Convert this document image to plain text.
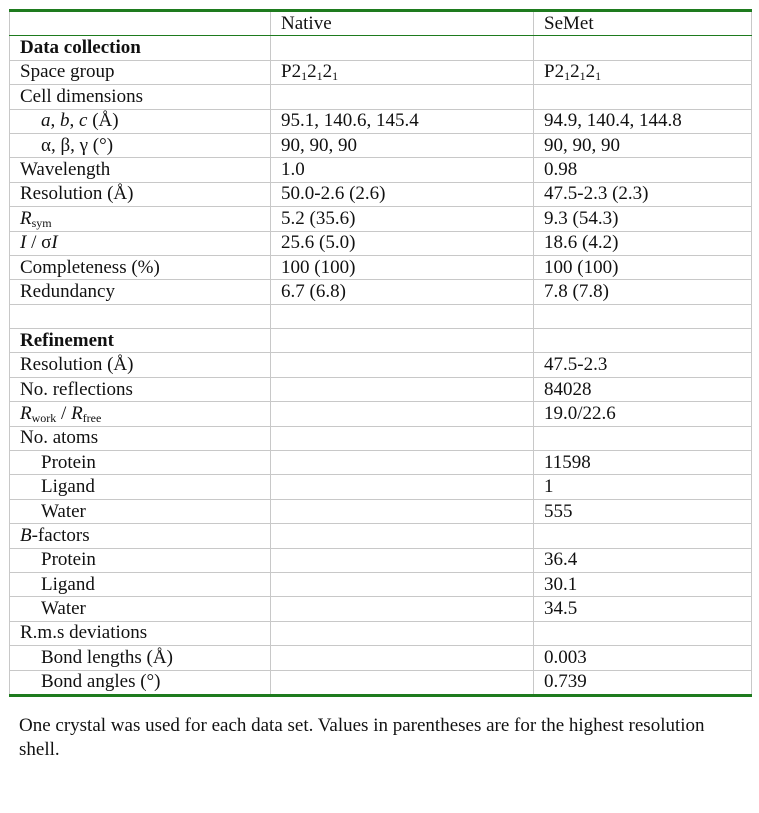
	Native	SeMet
Data collection		
Space group	$P2_12_12_1$	$P2_12_12_1$
Cell dimensions		
a, b, c (Å)	95.1, 140.6, 145.4	94.9, 140.4, 144.8
α, β, γ (°)	90, 90, 90	90, 90, 90
Wavelength	1.0	0.98
Resolution (Å)	50.0-2.6 (2.6)	47.5-2.3 (2.3)
$R_{sym}$	5.2 (35.6)	9.3 (54.3)
I / σI	25.6 (5.0)	18.6 (4.2)
Completeness (%)	100 (100)	100 (100)
Redundancy	6.7 (6.8)	7.8 (7.8)

Refinement		
Resolution (Å)		47.5-2.3
No. reflections		84028
$R_{work} / R_{free}$		19.0/22.6
No. atoms		
Protein		11598
Ligand		1
Water		555
B-factors		
Protein		36.4
Ligand		30.1
Water		34.5
R.m.s deviations		
Bond lengths (Å)		0.003
Bond angles (°)		0.739
One crystal was used for each data set. Values in parentheses are for the highest resolution shell.
